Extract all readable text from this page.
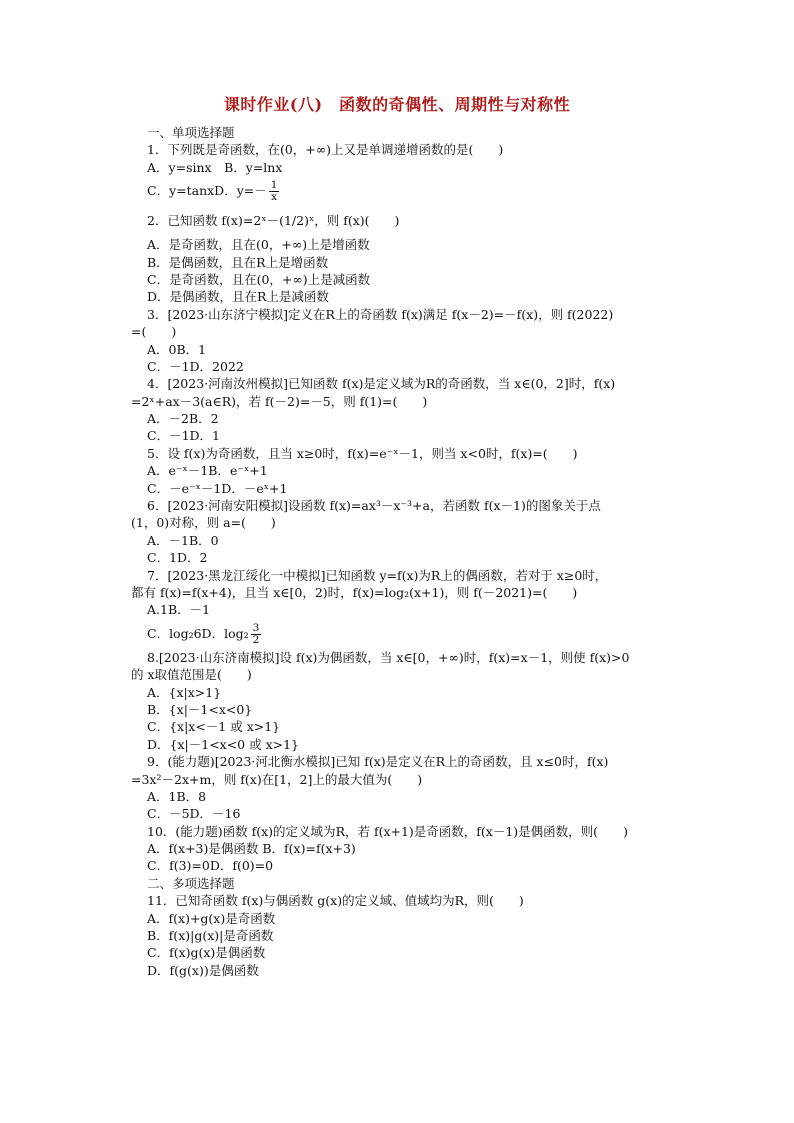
课时作业(八)　函数的奇偶性、周期性与对称性
一、单项选择题
1．下列既是奇函数，在(0，+∞)上又是单调递增函数的是(　　)
A．y=sinx　B．y=lnx
C．y=tanxD．$y=- \frac{1}{x}$
2．已知函数 f(x)=2ˣ－(1/2)ˣ，则 f(x)(　　)
A．是奇函数，且在(0，+∞)上是增函数
B．是偶函数，且在R上是增函数
C．是奇函数，且在(0，+∞)上是减函数
D．是偶函数，且在R上是减函数
3．[2023·山东济宁模拟]定义在R上的奇函数 f(x)满足 f(x－2)=－f(x)，则 f(2022)
=(　　)
A．0B．1
C．－1D．2022
4．[2023·河南汝州模拟]已知函数 f(x)是定义域为R的奇函数，当 x∈(0，2]时，f(x)
=2ˣ+ax－3(a∈R)，若 f(－2)=－5，则 f(1)=(　　)
A．－2B．2
C．－1D．1
5．设 f(x)为奇函数，且当 x≥0时，f(x)=e⁻ˣ－1，则当 x<0时，f(x)=(　　)
A．e⁻ˣ－1B．e⁻ˣ+1
C．－e⁻ˣ－1D．－eˣ+1
6．[2023·河南安阳模拟]设函数 f(x)=ax³－x⁻³+a，若函数 f(x－1)的图象关于点
(1，0)对称，则 a=(　　)
A．－1B．0
C．1D．2
7．[2023·黑龙江绥化一中模拟]已知函数 y=f(x)为R上的偶函数，若对于 x≥0时，
都有 f(x)=f(x+4)，且当 x∈[0，2)时，f(x)=log₂(x+1)，则 f(－2021)=(　　)
A.1B．－1
C．log₂6D．$\log_2 \frac{3}{2}$
8.[2023·山东济南模拟]设 f(x)为偶函数，当 x∈[0，+∞)时，f(x)=x－1，则使 f(x)>0
的 x取值范围是(　　)
A．{x|x>1}
B．{x|－1<x<0}
C．{x|x<－1 或 x>1}
D．{x|－1<x<0 或 x>1}
9．(能力题)[2023·河北衡水模拟]已知 f(x)是定义在R上的奇函数，且 x≤0时，f(x)
=3x²－2x+m，则 f(x)在[1，2]上的最大值为(　　)
A．1B．8
C．－5D．－16
10．(能力题)函数 f(x)的定义域为R，若 f(x+1)是奇函数，f(x－1)是偶函数，则(　　)
A．f(x+3)是偶函数 B．f(x)=f(x+3)
C．f(3)=0D．f(0)=0
二、多项选择题
11．已知奇函数 f(x)与偶函数 g(x)的定义域、值域均为R，则(　　)
A．f(x)+g(x)是奇函数
B．f(x)|g(x)|是奇函数
C．f(x)g(x)是偶函数
D．f(g(x))是偶函数
